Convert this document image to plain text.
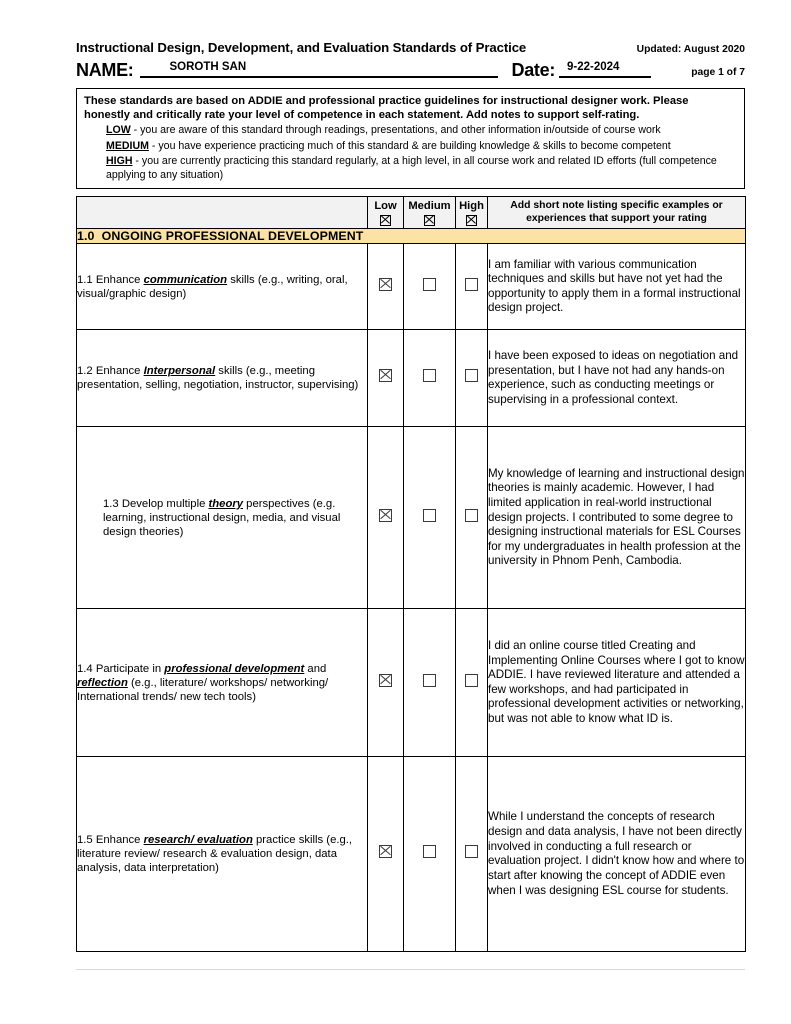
Instructional Design, Development, and Evaluation Standards of Practice	Updated: August 2020
NAME:	SOROTH SAN	Date:	9-22-2024	page 1 of 7
These standards are based on ADDIE and professional practice guidelines for instructional designer work. Please honestly and critically rate your level of competence in each statement. Add notes to support self-rating.
LOW - you are aware of this standard through readings, presentations, and other information in/outside of course work
MEDIUM - you have experience practicing much of this standard & are building knowledge & skills to become competent
HIGH - you are currently practicing this standard regularly, at a high level, in all course work and related ID efforts (full competence applying to any situation)
	Low	Medium	High	Add short note listing specific examples or experiences that support your rating
1.0 ONGOING PROFESSIONAL DEVELOPMENT				
1.1 Enhance communication skills (e.g., writing, oral, visual/graphic design)				I am familiar with various communication techniques and skills but have not yet had the opportunity to apply them in a formal instructional design project.
1.2 Enhance Interpersonal skills (e.g., meeting presentation, selling, negotiation, instructor, supervising)				I have been exposed to ideas on negotiation and presentation, but I have not had any hands-on experience, such as conducting meetings or supervising in a professional context.
1.3 Develop multiple theory perspectives (e.g. learning, instructional design, media, and visual design theories)				My knowledge of learning and instructional design theories is mainly academic. However, I had limited application in real-world instructional design projects. I contributed to some degree to designing instructional materials for ESL Courses for my undergraduates in health profession at the university in Phnom Penh, Cambodia.
1.4 Participate in professional development and reflection (e.g., literature/ workshops/ networking/ International trends/ new tech tools)				I did an online course titled Creating and Implementing Online Courses where I got to know ADDIE. I have reviewed literature and attended a few workshops, and had participated in professional development activities or networking, but was not able to know what ID is.
1.5 Enhance research/ evaluation practice skills (e.g., literature review/ research & evaluation design, data analysis, data interpretation)				While I understand the concepts of research design and data analysis, I have not been directly involved in conducting a full research or evaluation project. I didn't know how and where to start after knowing the concept of ADDIE even when I was designing ESL course for students.
